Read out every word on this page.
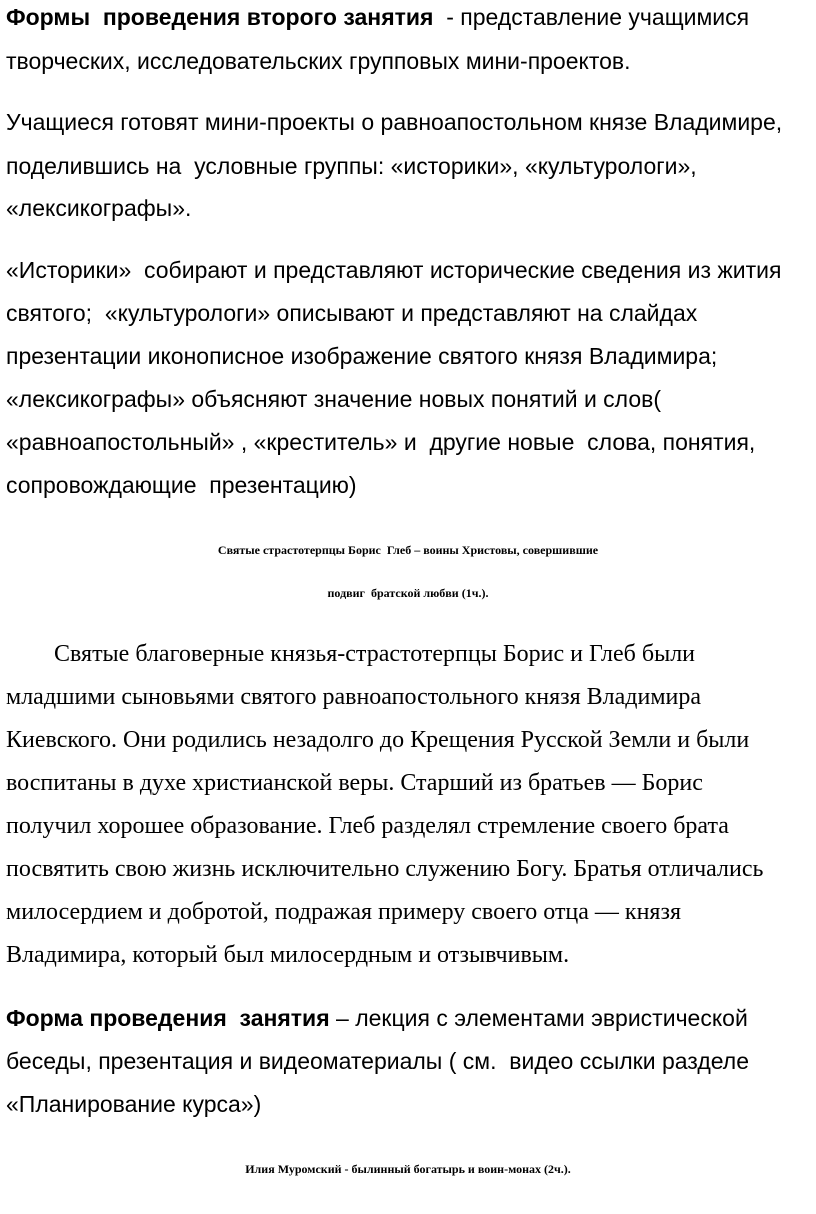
Формы  проведения второго занятия  - представление учащимися
творческих, исследовательских групповых мини-проектов.
Учащиеся готовят мини-проекты о равноапостольном князе Владимире,
поделившись на  условные группы: «историки», «культурологи»,
«лексикографы».
«Историки»  собирают и представляют исторические сведения из жития
святого;  «культурологи» описывают и представляют на слайдах
презентации иконописное изображение святого князя Владимира;
«лексикографы» объясняют значение новых понятий и слов(
«равноапостольный» , «креститель» и  другие новые  слова, понятия,
сопровождающие  презентацию)
Святые страстотерпцы Борис  Глеб – воины Христовы, совершившие
подвиг  братской любви (1ч.).
Святые благоверные князья-страстотерпцы Борис и Глеб были
младшими сыновьями святого равноапостольного князя Владимира
Киевского. Они родились незадолго до Крещения Русской Земли и были
воспитаны в духе христианской веры. Старший из братьев — Борис
получил хорошее образование. Глеб разделял стремление своего брата
посвятить свою жизнь исключительно служению Богу. Братья отличались
милосердием и добротой, подражая примеру своего отца — князя
Владимира, который был милосердным и отзывчивым.
Форма проведения  занятия – лекция с элементами эвристической
беседы, презентация и видеоматериалы ( см.  видео ссылки разделе
«Планирование курса»)
Илия Муромский - былинный богатырь и воин-монах (2ч.).
